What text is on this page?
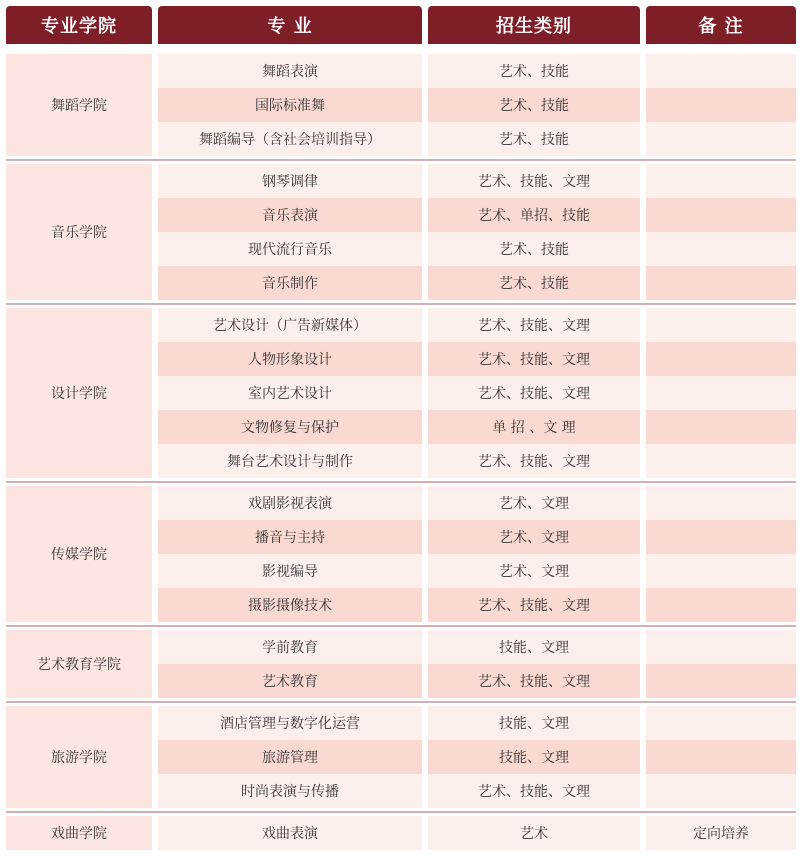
专业学院	专 业	招生类别	备 注
舞蹈学院
舞蹈表演	艺术、技能
国际标准舞	艺术、技能
舞蹈编导（含社会培训指导）	艺术、技能
音乐学院
钢琴调律	艺术、技能、文理
音乐表演	艺术、单招、技能
现代流行音乐	艺术、技能
音乐制作	艺术、技能
设计学院
艺术设计（广告新媒体）	艺术、技能、文理
人物形象设计	艺术、技能、文理
室内艺术设计	艺术、技能、文理
文物修复与保护	单 招 、文 理
舞台艺术设计与制作	艺术、技能、文理
传媒学院
戏剧影视表演	艺术、文理
播音与主持	艺术、文理
影视编导	艺术、文理
摄影摄像技术	艺术、技能、文理
艺术教育学院
学前教育	技能、文理
艺术教育	艺术、技能、文理
旅游学院
酒店管理与数字化运营	技能、文理
旅游管理	技能、文理
时尚表演与传播	艺术、技能、文理
戏曲学院	戏曲表演	艺术	定向培养
